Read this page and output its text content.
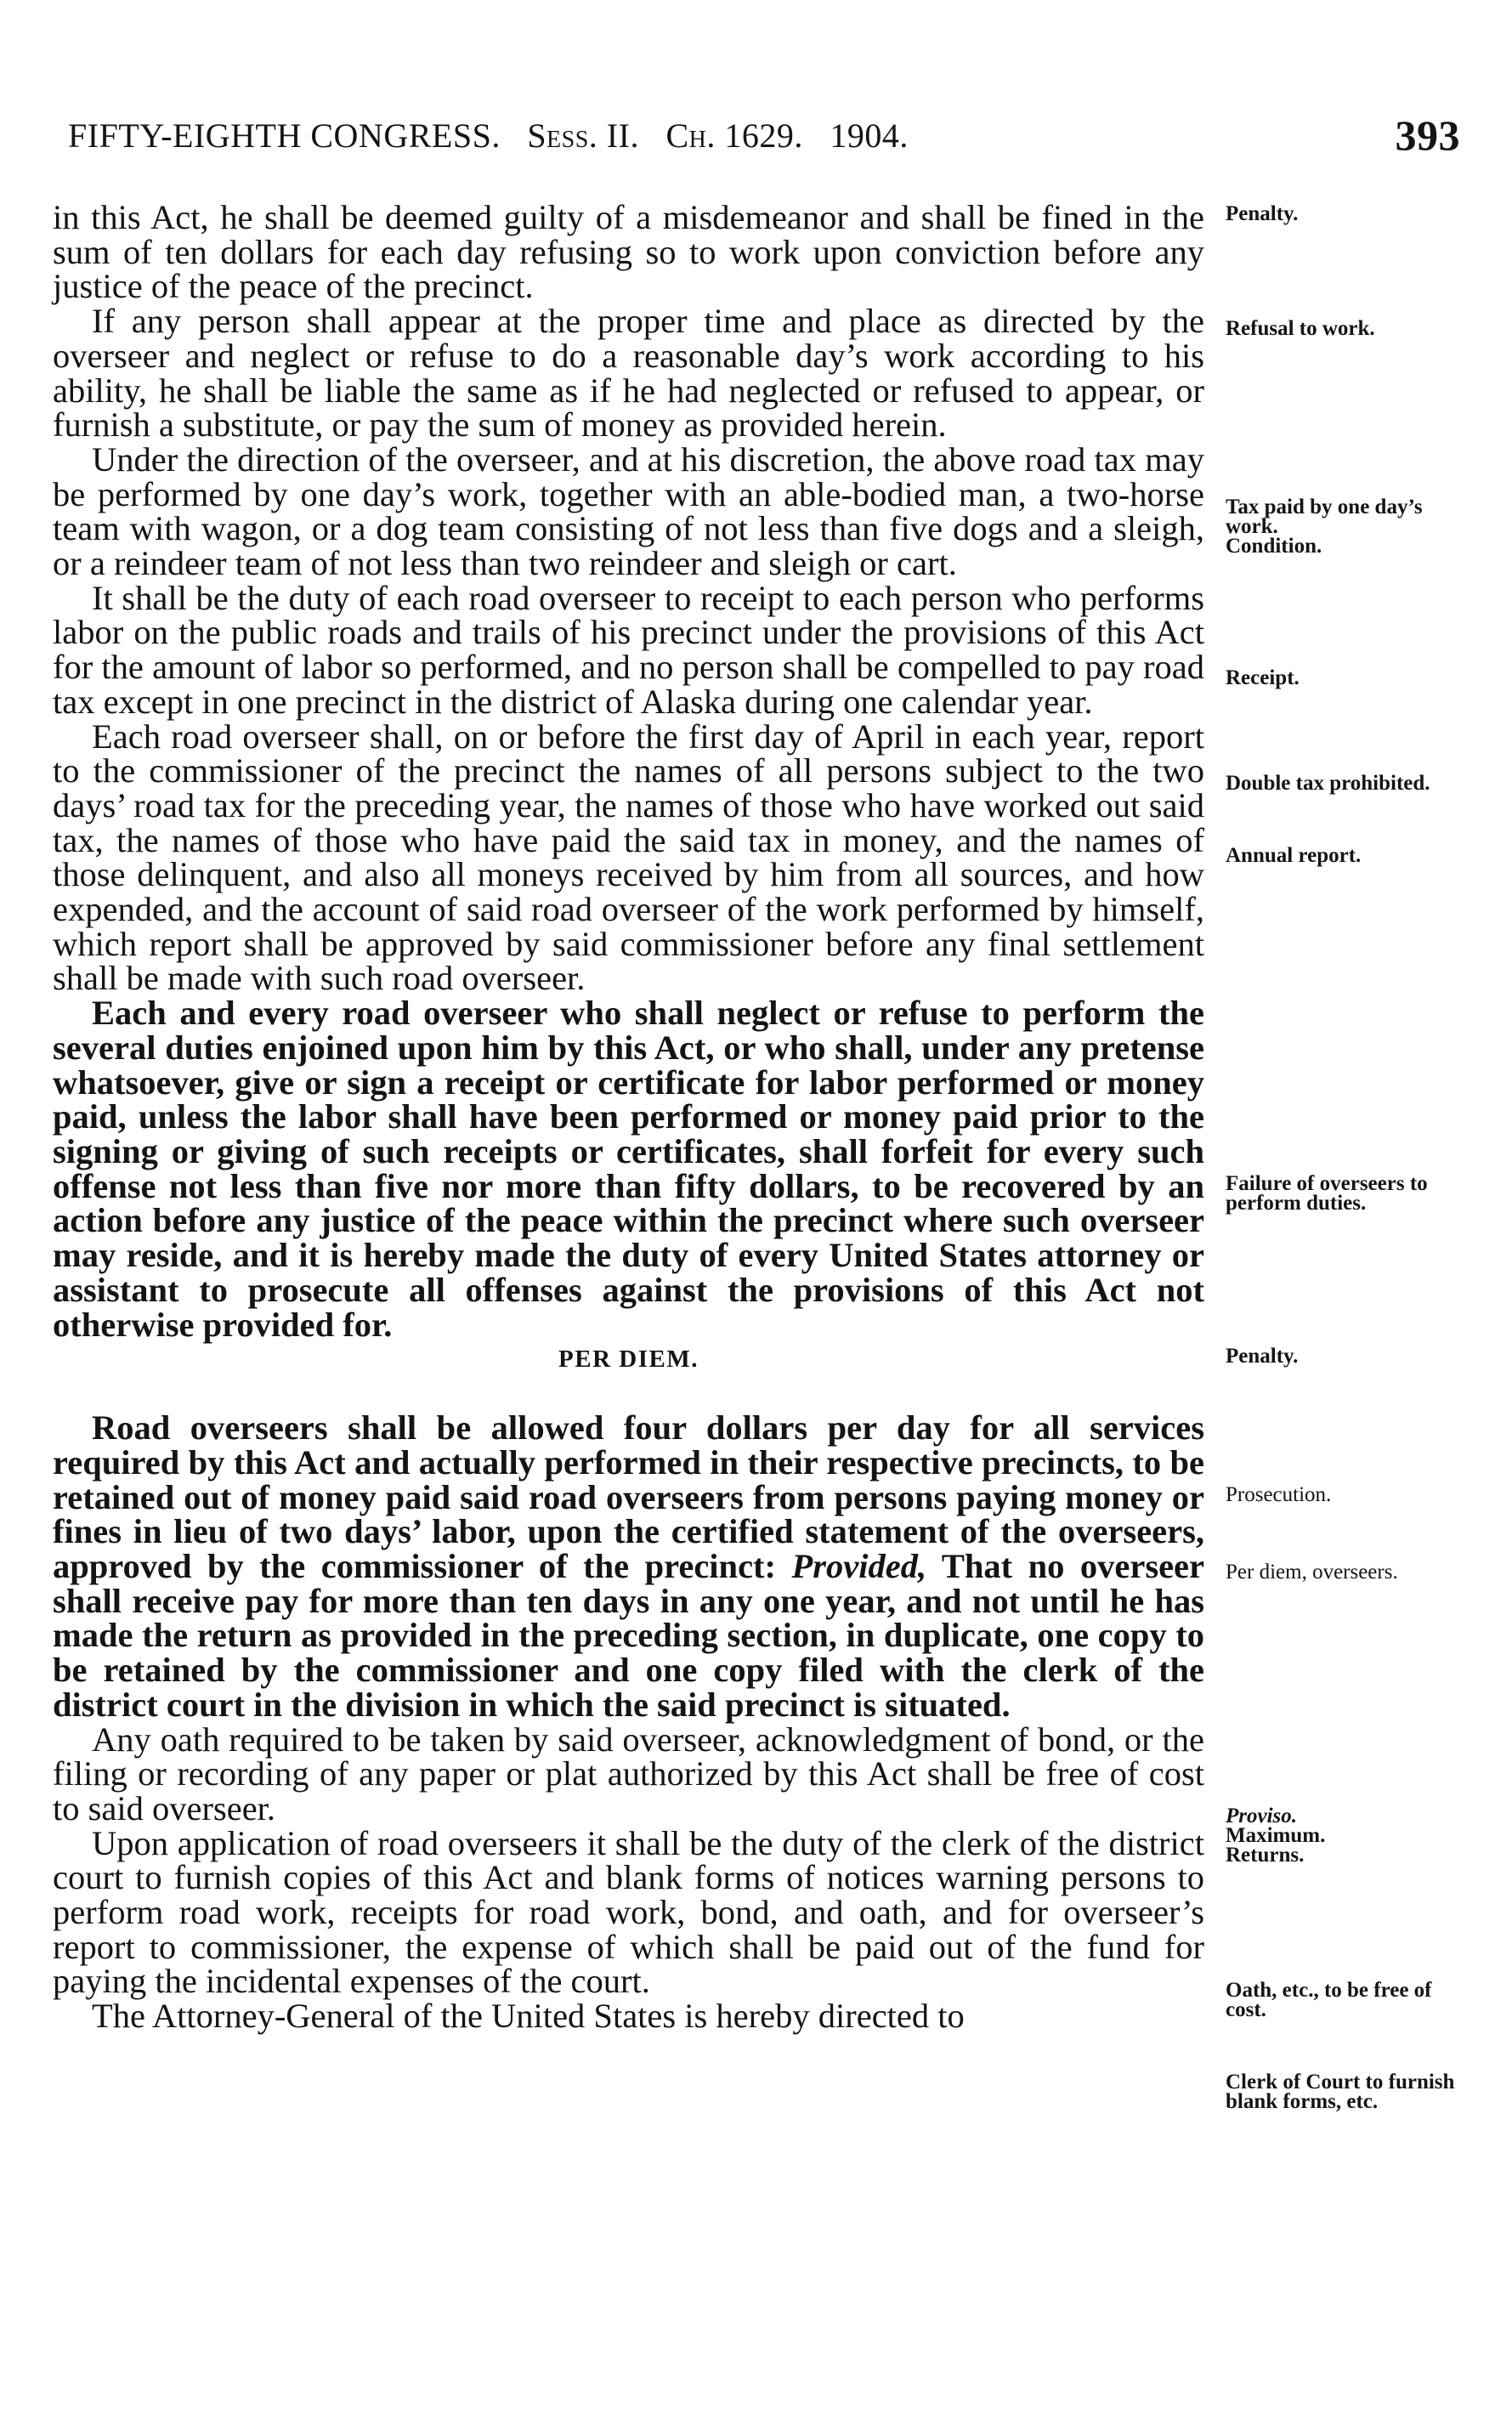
FIFTY-EIGHTH CONGRESS. Sess. II. Ch. 1629. 1904.	393

in this Act, he shall be deemed guilty of a misdemeanor and shall be fined in the sum of ten dollars for each day refusing so to work upon conviction before any justice of the peace of the precinct.

If any person shall appear at the proper time and place as directed by the overseer and neglect or refuse to do a reasonable day’s work according to his ability, he shall be liable the same as if he had neglected or refused to appear, or furnish a substitute, or pay the sum of money as provided herein.

Under the direction of the overseer, and at his discretion, the above road tax may be performed by one day’s work, together with an able-bodied man, a two-horse team with wagon, or a dog team consisting of not less than five dogs and a sleigh, or a reindeer team of not less than two reindeer and sleigh or cart.

It shall be the duty of each road overseer to receipt to each person who performs labor on the public roads and trails of his precinct under the provisions of this Act for the amount of labor so performed, and no person shall be compelled to pay road tax except in one precinct in the district of Alaska during one calendar year.

Each road overseer shall, on or before the first day of April in each year, report to the commissioner of the precinct the names of all persons subject to the two days’ road tax for the preceding year, the names of those who have worked out said tax, the names of those who have paid the said tax in money, and the names of those delinquent, and also all moneys received by him from all sources, and how expended, and the account of said road overseer of the work performed by himself, which report shall be approved by said commissioner before any final settlement shall be made with such road overseer.

Each and every road overseer who shall neglect or refuse to perform the several duties enjoined upon him by this Act, or who shall, under any pretense whatsoever, give or sign a receipt or certificate for labor performed or money paid, unless the labor shall have been performed or money paid prior to the signing or giving of such receipts or certificates, shall forfeit for every such offense not less than five nor more than fifty dollars, to be recovered by an action before any justice of the peace within the precinct where such overseer may reside, and it is hereby made the duty of every United States attorney or assistant to prosecute all offenses against the provisions of this Act not otherwise provided for.

PER DIEM.

Road overseers shall be allowed four dollars per day for all services required by this Act and actually performed in their respective precincts, to be retained out of money paid said road overseers from persons paying money or fines in lieu of two days’ labor, upon the certified statement of the overseers, approved by the commissioner of the precinct: Provided, That no overseer shall receive pay for more than ten days in any one year, and not until he has made the return as provided in the preceding section, in duplicate, one copy to be retained by the commissioner and one copy filed with the clerk of the district court in the division in which the said precinct is situated.

Any oath required to be taken by said overseer, acknowledgment of bond, or the filing or recording of any paper or plat authorized by this Act shall be free of cost to said overseer.

Upon application of road overseers it shall be the duty of the clerk of the district court to furnish copies of this Act and blank forms of notices warning persons to perform road work, receipts for road work, bond, and oath, and for overseer’s report to commissioner, the expense of which shall be paid out of the fund for paying the incidental expenses of the court.

The Attorney-General of the United States is hereby directed to

Penalty.
Refusal to work.
Tax paid by one day’s work.
Condition.
Receipt.
Double tax prohibited.
Annual report.
Failure of overseers to perform duties.
Penalty.
Prosecution.
Per diem, overseers.
Proviso.
Maximum.
Returns.
Oath, etc., to be free of cost.
Clerk of Court to furnish blank forms, etc.
